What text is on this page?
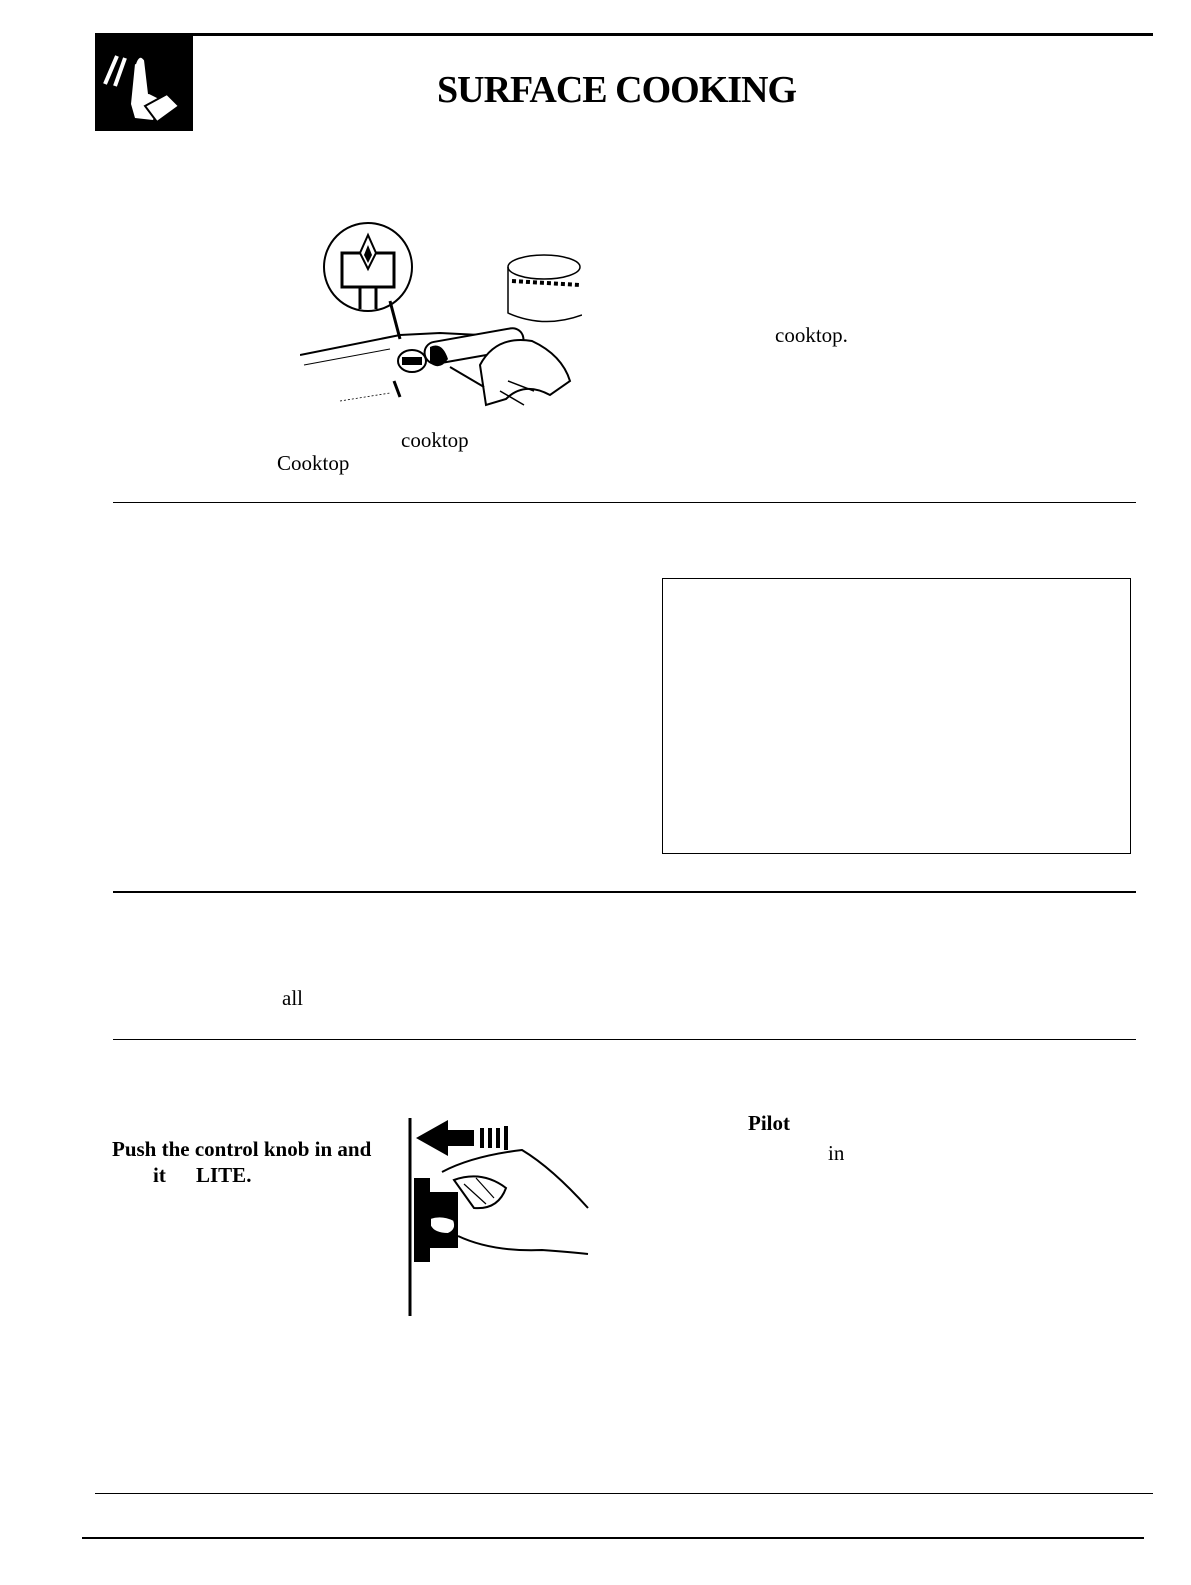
SURFACE COOKING
cooktop
Cooktop
cooktop.
all
Push the control knob in and
it LITE.
Pilot
in
